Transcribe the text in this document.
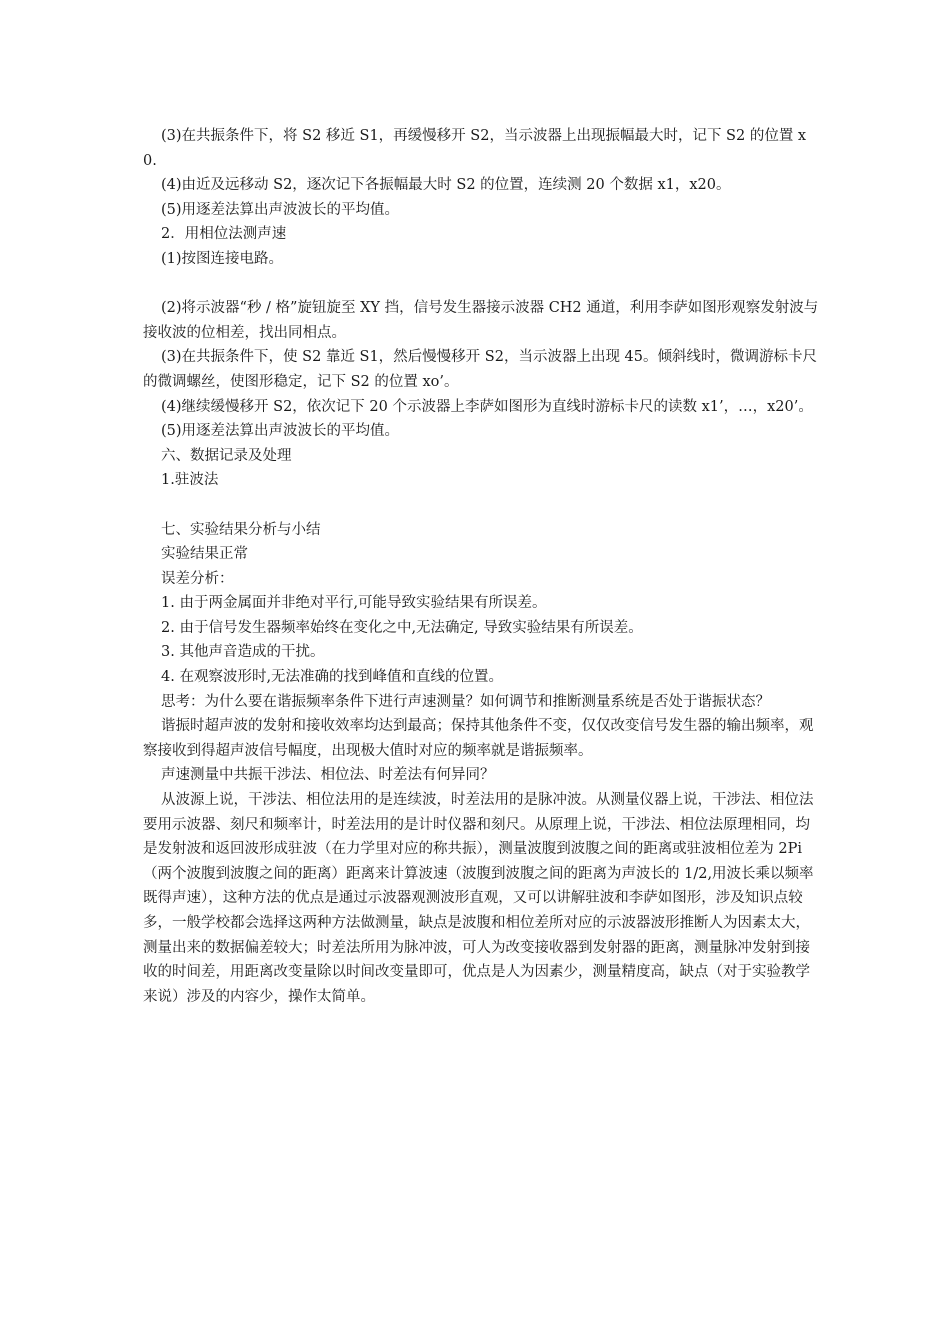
(3)在共振条件下，将 S2 移近 S1，再缓慢移开 S2，当示波器上出现振幅最大时，记下 S2 的位置 x0.

(4)由近及远移动 S2，逐次记下各振幅最大时 S2 的位置，连续测 20 个数据 x1，x20。

(5)用逐差法算出声波波长的平均值。

2．用相位法测声速

(1)按图连接电路。

(2)将示波器“秒 / 格”旋钮旋至 XY 挡，信号发生器接示波器 CH2 通道，利用李萨如图形观察发射波与接收波的位相差，找出同相点。

(3)在共振条件下，使 S2 靠近 S1，然后慢慢移开 S2，当示波器上出现 45。倾斜线时，微调游标卡尺的微调螺丝，使图形稳定，记下 S2 的位置 xo’。

(4)继续缓慢移开 S2，依次记下 20 个示波器上李萨如图形为直线时游标卡尺的读数 x1’，…，x20’。

(5)用逐差法算出声波波长的平均值。

六、数据记录及处理

1.驻波法

七、实验结果分析与小结

实验结果正常

误差分析：

1. 由于两金属面并非绝对平行,可能导致实验结果有所误差。

2. 由于信号发生器频率始终在变化之中,无法确定, 导致实验结果有所误差。

3. 其他声音造成的干扰。

4. 在观察波形时,无法准确的找到峰值和直线的位置。

思考：为什么要在谐振频率条件下进行声速测量？如何调节和推断测量系统是否处于谐振状态？

谐振时超声波的发射和接收效率均达到最高；保持其他条件不变，仅仅改变信号发生器的输出频率，观察接收到得超声波信号幅度，出现极大值时对应的频率就是谐振频率。

声速测量中共振干涉法、相位法、时差法有何异同？

从波源上说，干涉法、相位法用的是连续波，时差法用的是脉冲波。从测量仪器上说，干涉法、相位法要用示波器、刻尺和频率计，时差法用的是计时仪器和刻尺。从原理上说，干涉法、相位法原理相同，均是发射波和返回波形成驻波（在力学里对应的称共振），测量波腹到波腹之间的距离或驻波相位差为 2Pi（两个波腹到波腹之间的距离）距离来计算波速（波腹到波腹之间的距离为声波长的 1/2,用波长乘以频率既得声速），这种方法的优点是通过示波器观测波形直观，又可以讲解驻波和李萨如图形，涉及知识点较多，一般学校都会选择这两种方法做测量，缺点是波腹和相位差所对应的示波器波形推断人为因素太大，测量出来的数据偏差较大；时差法所用为脉冲波，可人为改变接收器到发射器的距离，测量脉冲发射到接收的时间差，用距离改变量除以时间改变量即可，优点是人为因素少，测量精度高，缺点（对于实验教学来说）涉及的内容少，操作太简单。
